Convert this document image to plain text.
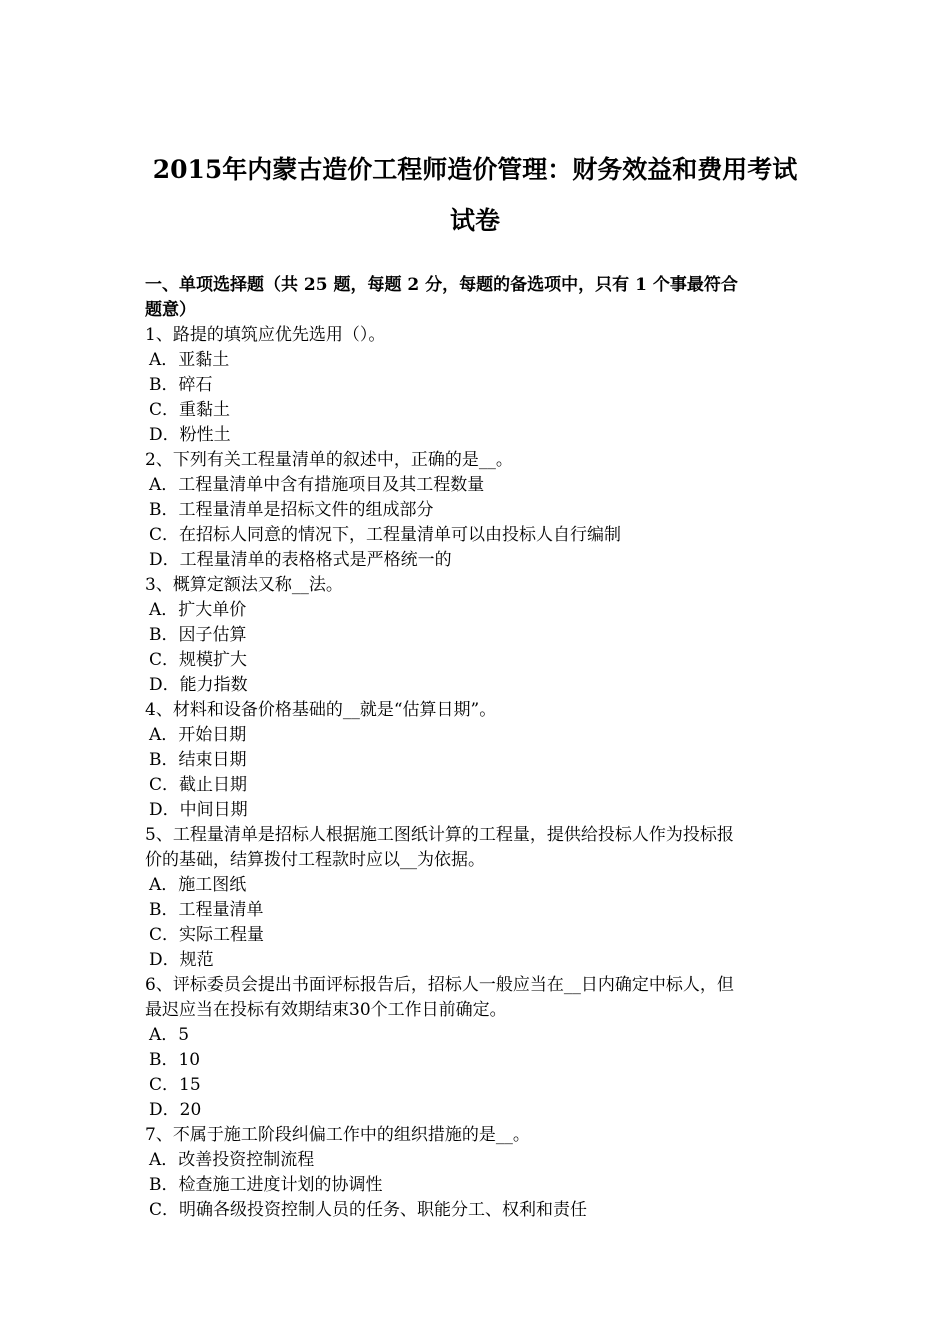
2015年内蒙古造价工程师造价管理：财务效益和费用考试
试卷
一、单项选择题（共 25 题，每题 2 分，每题的备选项中，只有 1 个事最符合
题意）
1、路提的填筑应优先选用（）。
A．亚黏土
B．碎石
C．重黏土
D．粉性土
2、下列有关工程量清单的叙述中，正确的是__。
A．工程量清单中含有措施项目及其工程数量
B．工程量清单是招标文件的组成部分
C．在招标人同意的情况下，工程量清单可以由投标人自行编制
D．工程量清单的表格格式是严格统一的
3、概算定额法又称__法。
A．扩大单价
B．因子估算
C．规模扩大
D．能力指数
4、材料和设备价格基础的__就是“估算日期”。
A．开始日期
B．结束日期
C．截止日期
D．中间日期
5、工程量清单是招标人根据施工图纸计算的工程量，提供给投标人作为投标报
价的基础，结算拨付工程款时应以__为依据。
A．施工图纸
B．工程量清单
C．实际工程量
D．规范
6、评标委员会提出书面评标报告后，招标人一般应当在__日内确定中标人，但
最迟应当在投标有效期结束30个工作日前确定。
A．5
B．10
C．15
D．20
7、不属于施工阶段纠偏工作中的组织措施的是__。
A．改善投资控制流程
B．检查施工进度计划的协调性
C．明确各级投资控制人员的任务、职能分工、权利和责任
